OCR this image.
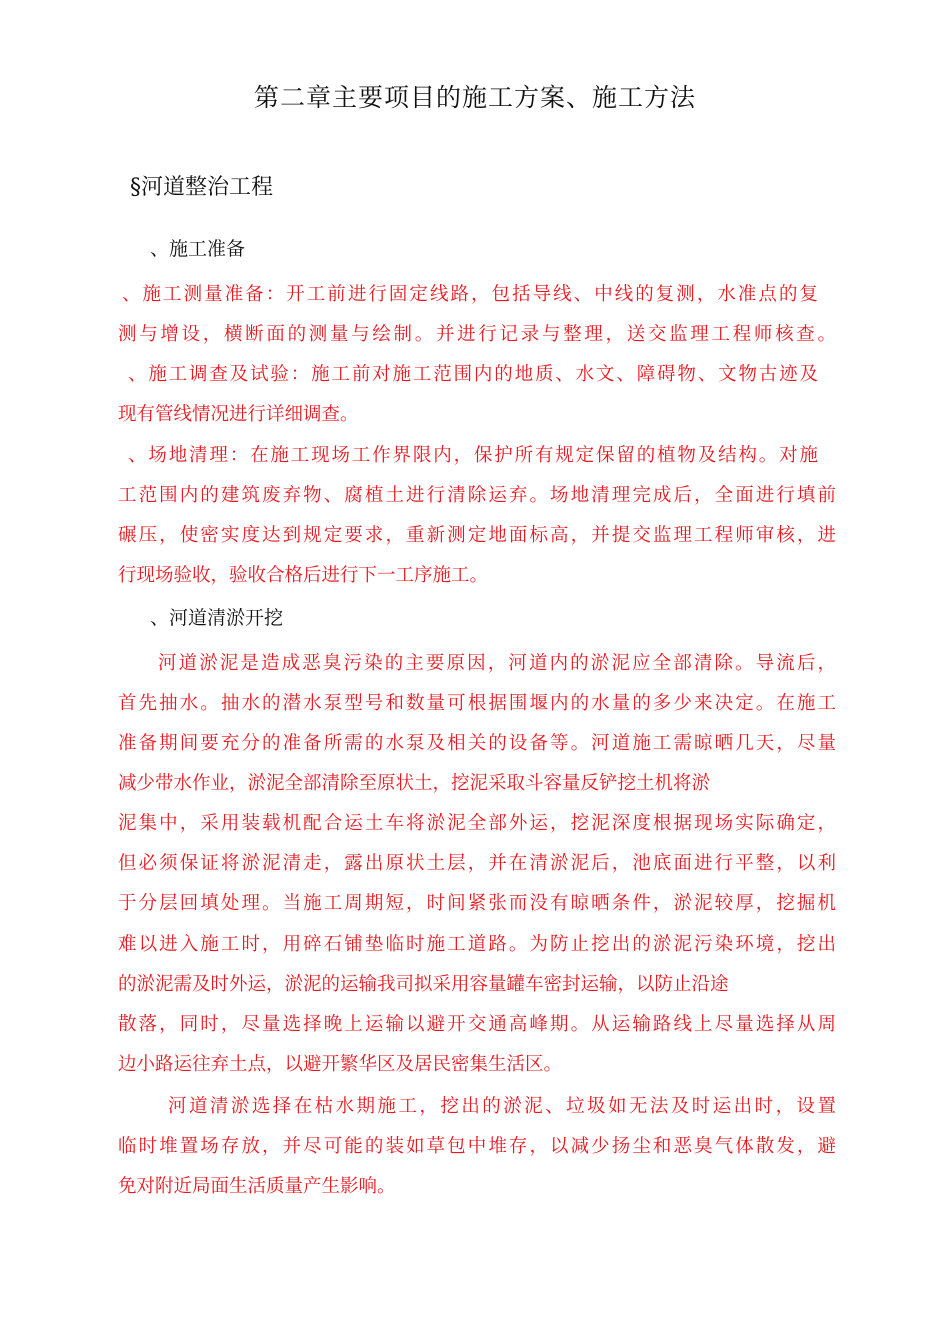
第二章主要项目的施工方案、施工方法
§河道整治工程
、施工准备
、施工测量准备：开工前进行固定线路，包括导线、中线的复测，水准点的复
测与增设，横断面的测量与绘制。并进行记录与整理，送交监理工程师核查。
、施工调查及试验：施工前对施工范围内的地质、水文、障碍物、文物古迹及
现有管线情况进行详细调查。
、场地清理：在施工现场工作界限内，保护所有规定保留的植物及结构。对施
工范围内的建筑废弃物、腐植土进行清除运弃。场地清理完成后，全面进行填前
碾压，使密实度达到规定要求，重新测定地面标高，并提交监理工程师审核，进
行现场验收，验收合格后进行下一工序施工。
、河道清淤开挖
河道淤泥是造成恶臭污染的主要原因，河道内的淤泥应全部清除。导流后，
首先抽水。抽水的潜水泵型号和数量可根据围堰内的水量的多少来决定。在施工
准备期间要充分的准备所需的水泵及相关的设备等。河道施工需晾晒几天，尽量
减少带水作业，淤泥全部清除至原状土，挖泥采取斗容量反铲挖土机将淤
泥集中，采用装载机配合运土车将淤泥全部外运，挖泥深度根据现场实际确定，
但必须保证将淤泥清走，露出原状土层，并在清淤泥后，池底面进行平整，以利
于分层回填处理。当施工周期短，时间紧张而没有晾晒条件，淤泥较厚，挖掘机
难以进入施工时，用碎石铺垫临时施工道路。为防止挖出的淤泥污染环境，挖出
的淤泥需及时外运，淤泥的运输我司拟采用容量罐车密封运输，以防止沿途
散落，同时，尽量选择晚上运输以避开交通高峰期。从运输路线上尽量选择从周
边小路运往弃土点，以避开繁华区及居民密集生活区。
河道清淤选择在枯水期施工，挖出的淤泥、垃圾如无法及时运出时，设置
临时堆置场存放，并尽可能的装如草包中堆存，以减少扬尘和恶臭气体散发，避
免对附近局面生活质量产生影响。
